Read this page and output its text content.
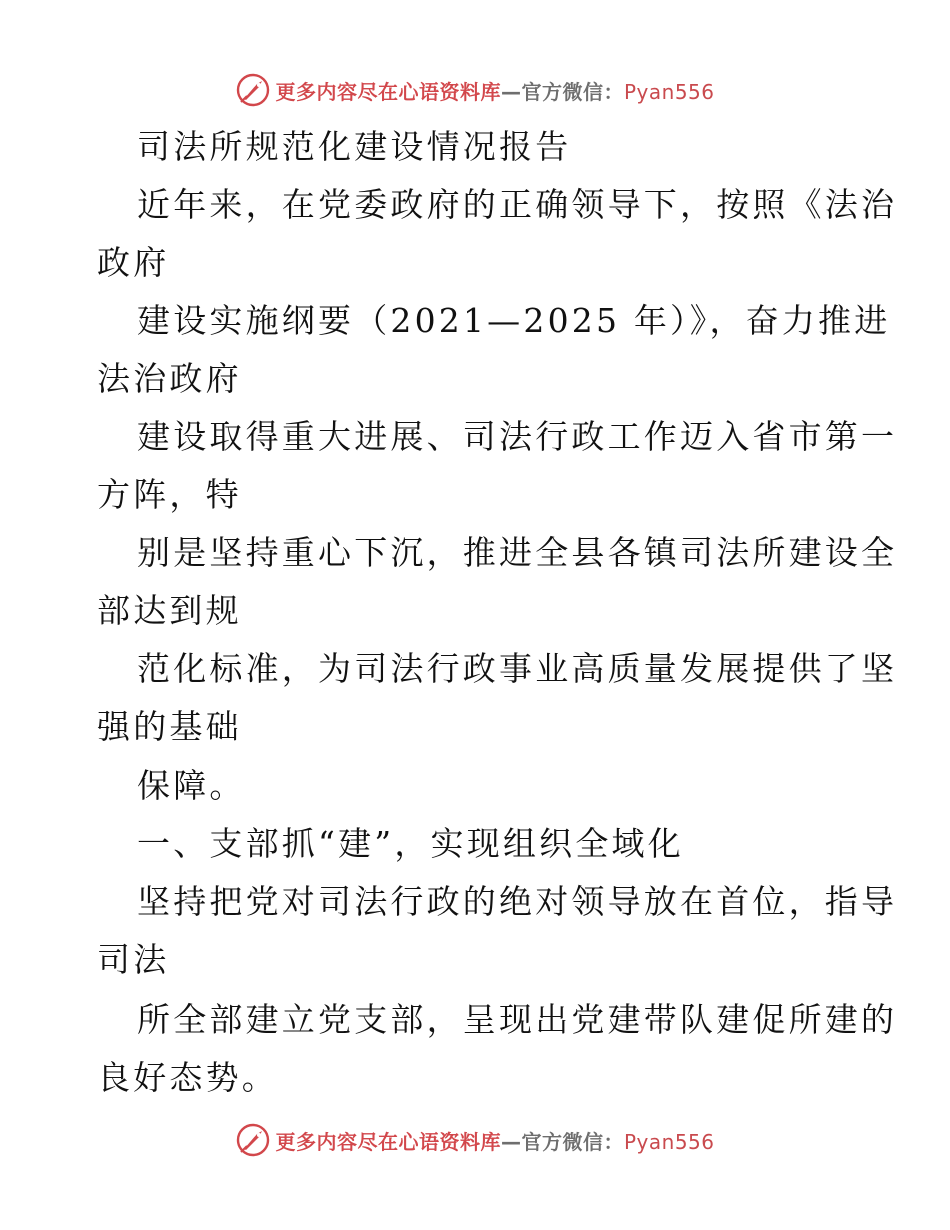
更多内容尽在心语资料库—官方微信：Pyan556
司法所规范化建设情况报告
近年来，在党委政府的正确领导下，按照《法治
政府
建设实施纲要（2021—2025 年）》，奋力推进
法治政府
建设取得重大进展、司法行政工作迈入省市第一
方阵，特
别是坚持重心下沉，推进全县各镇司法所建设全
部达到规
范化标准，为司法行政事业高质量发展提供了坚
强的基础
保障。
一、支部抓“建”，实现组织全域化
坚持把党对司法行政的绝对领导放在首位，指导
司法
所全部建立党支部，呈现出党建带队建促所建的
良好态势。
更多内容尽在心语资料库—官方微信：Pyan556
